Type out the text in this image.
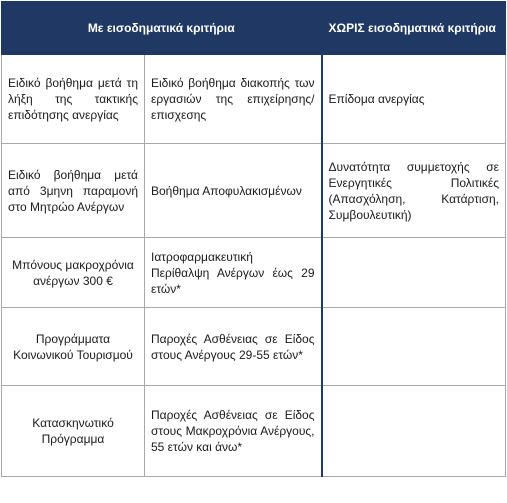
Με εισοδηματικά κριτήρια		ΧΩΡΙΣ εισοδηματικά κριτήρια
Ειδικό βοήθημα μετά τη λήξη της τακτικής επιδότησης ανεργίας	Ειδικό βοήθημα διακοπής των εργασιών της επιχείρησης/επισχεσης	Επίδομα ανεργίας
Ειδικό βοήθημα μετά από 3μηνη παραμονή στο Μητρώο Ανέργων	Βοήθημα Αποφυλακισμένων	Δυνατότητα συμμετοχής σε Ενεργητικές Πολιτικές (Απασχόληση, Κατάρτιση, Συμβουλευτική)
Μπόνους μακροχρόνια ανέργων 300 €	Ιατροφαρμακευτική Περίθαλψη Ανέργων έως 29 ετών*	
Προγράμματα Κοινωνικού Τουρισμού	Παροχές Ασθένειας σε Είδος στους Ανέργους 29-55 ετών*	
Κατασκηνωτικό Πρόγραμμα	Παροχές Ασθένειας σε Είδος στους Μακροχρόνια Ανέργους, 55 ετών και άνω*	
